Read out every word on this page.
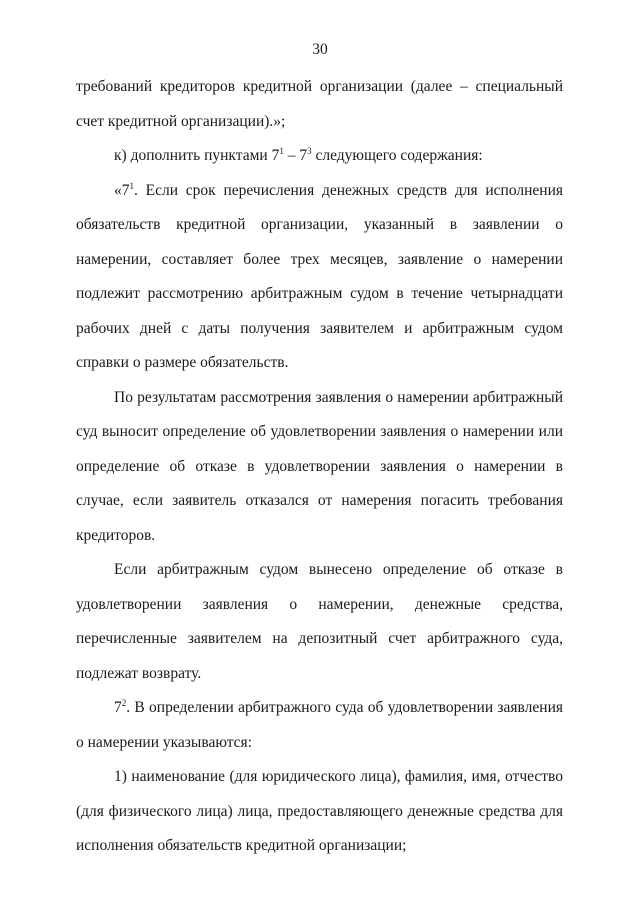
30

требований кредиторов кредитной организации (далее – специальный счет кредитной организации).»;

к) дополнить пунктами $7^1 - 7^3$ следующего содержания:

«$7^1$. Если срок перечисления денежных средств для исполнения обязательств кредитной организации, указанный в заявлении о намерении, составляет более трех месяцев, заявление о намерении подлежит рассмотрению арбитражным судом в течение четырнадцати рабочих дней с даты получения заявителем и арбитражным судом справки о размере обязательств.

По результатам рассмотрения заявления о намерении арбитражный суд выносит определение об удовлетворении заявления о намерении или определение об отказе в удовлетворении заявления о намерении в случае, если заявитель отказался от намерения погасить требования кредиторов.

Если арбитражным судом вынесено определение об отказе в удовлетворении заявления о намерении, денежные средства, перечисленные заявителем на депозитный счет арбитражного суда, подлежат возврату.

$7^2$. В определении арбитражного суда об удовлетворении заявления о намерении указываются:

1) наименование (для юридического лица), фамилия, имя, отчество (для физического лица) лица, предоставляющего денежные средства для исполнения обязательств кредитной организации;
